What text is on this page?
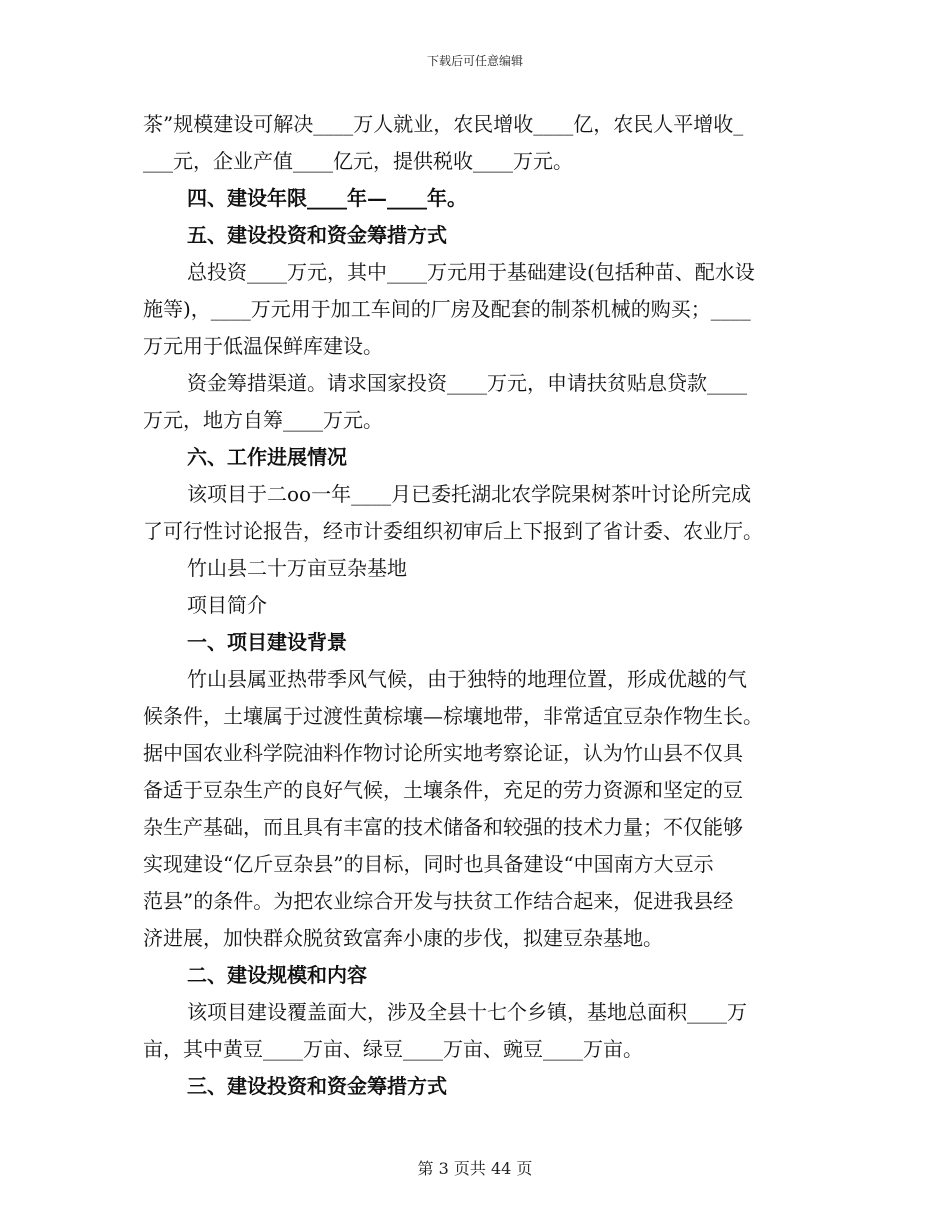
下载后可任意编辑
茶”规模建设可解决____万人就业，农民增收____亿，农民人平增收_
___元，企业产值____亿元，提供税收____万元。
四、建设年限____年—____年。
五、建设投资和资金筹措方式
总投资____万元，其中____万元用于基础建设(包括种苗、配水设
施等)，____万元用于加工车间的厂房及配套的制茶机械的购买；____
万元用于低温保鲜库建设。
资金筹措渠道。请求国家投资____万元，申请扶贫贴息贷款____
万元，地方自筹____万元。
六、工作进展情况
该项目于二oo一年____月已委托湖北农学院果树茶叶讨论所完成
了可行性讨论报告，经市计委组织初审后上下报到了省计委、农业厅。
竹山县二十万亩豆杂基地
项目简介
一、项目建设背景
竹山县属亚热带季风气候，由于独特的地理位置，形成优越的气
候条件，土壤属于过渡性黄棕壤—棕壤地带，非常适宜豆杂作物生长。
据中国农业科学院油料作物讨论所实地考察论证，认为竹山县不仅具
备适于豆杂生产的良好气候，土壤条件，充足的劳力资源和坚定的豆
杂生产基础，而且具有丰富的技术储备和较强的技术力量；不仅能够
实现建设“亿斤豆杂县”的目标，同时也具备建设“中国南方大豆示
范县”的条件。为把农业综合开发与扶贫工作结合起来，促进我县经
济进展，加快群众脱贫致富奔小康的步伐，拟建豆杂基地。
二、建设规模和内容
该项目建设覆盖面大，涉及全县十七个乡镇，基地总面积____万
亩，其中黄豆____万亩、绿豆____万亩、豌豆____万亩。
三、建设投资和资金筹措方式
第 3 页共 44 页
